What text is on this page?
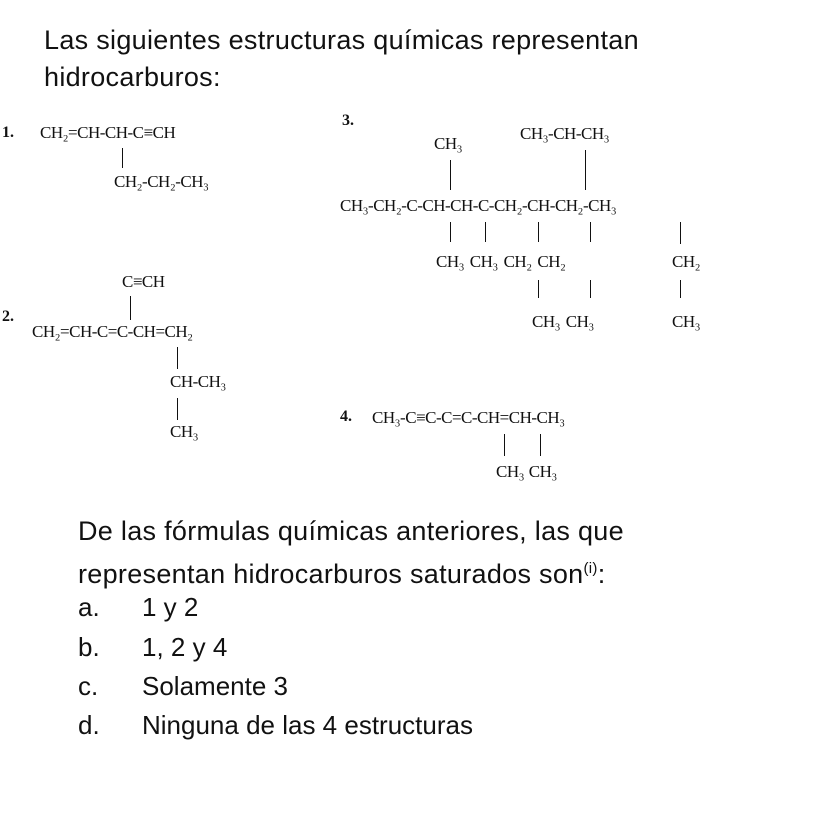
Las siguientes estructuras químicas representan
hidrocarburos:
1. CH₂=CH-CH-C≡CH
CH₂-CH₂-CH₃
2.
C≡CH
CH₂=CH-C=C-CH=CH₂
CH-CH₃
CH₃
3.
CH₃
CH₃-CH-CH₃
CH₃-CH₂-C-CH-CH-C-CH₂-CH-CH₂-CH₃
CH₃ CH₃ CH₂ CH₂	CH₂
CH₃ CH₃	CH₃
4. CH₃-C≡C-C=C-CH=CH-CH₃
CH₃ CH₃
De las fórmulas químicas anteriores, las que
representan hidrocarburos saturados son$^{(i)}$:
a. 1 y 2
b. 1, 2 y 4
c. Solamente 3
d. Ninguna de las 4 estructuras
